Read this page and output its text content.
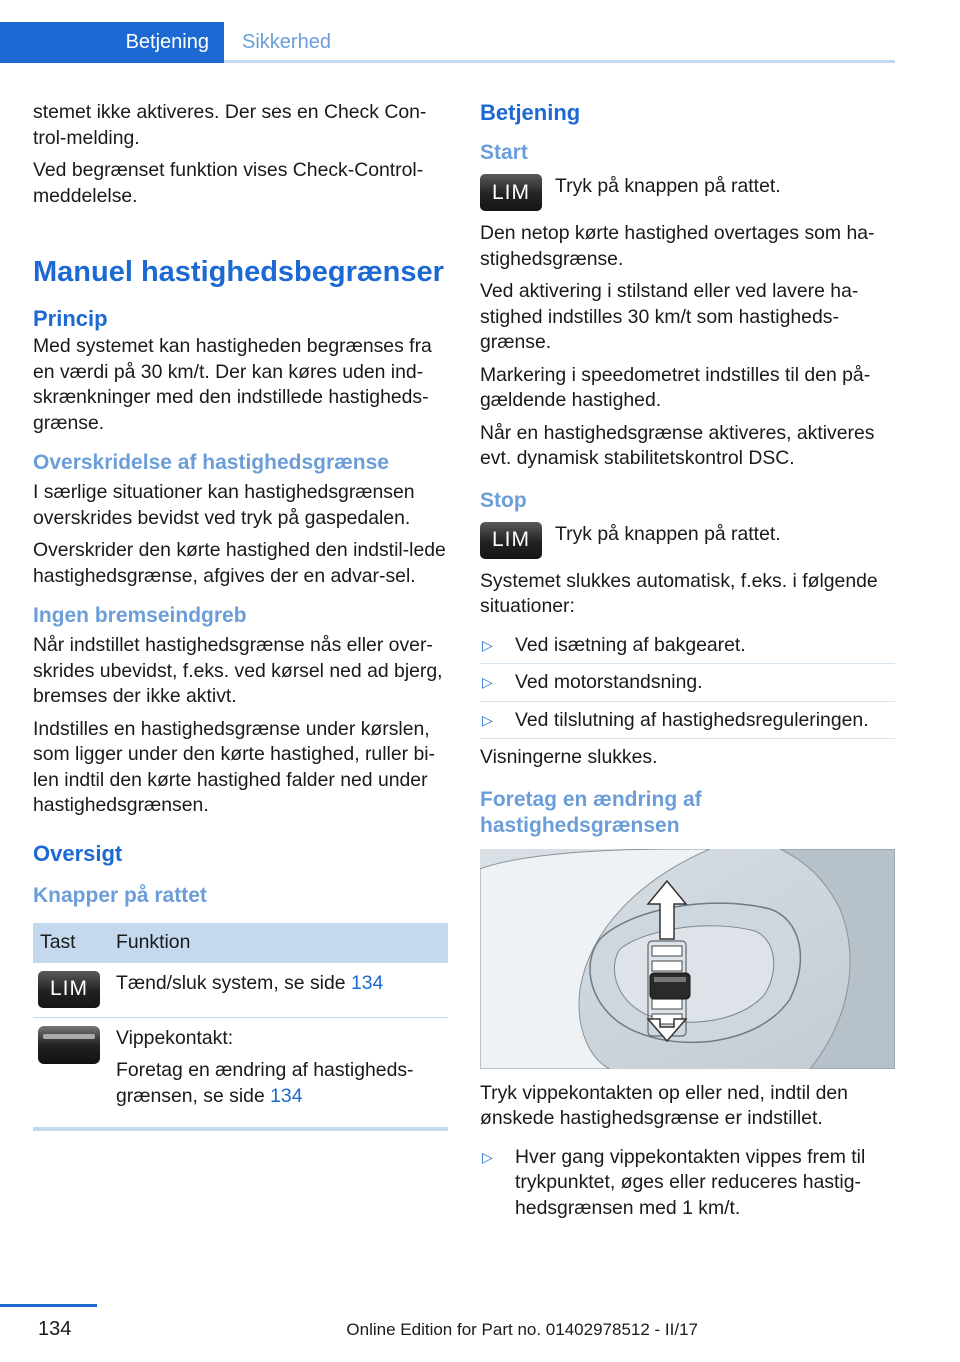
Betjening	Sikkerhed

stemet ikke aktiveres. Der ses en Check Con-trol-melding.

Ved begrænset funktion vises Check-Control-meddelelse.

Manuel hastighedsbegrænser
Princip

Med systemet kan hastigheden begrænses fra en værdi på 30 km/t. Der kan køres uden ind-skrænkninger med den indstillede hastigheds-grænse.

Overskridelse af hastighedsgrænse

I særlige situationer kan hastighedsgrænsen overskrides bevidst ved tryk på gaspedalen.

Overskrider den kørte hastighed den indstil-lede hastighedsgrænse, afgives der en advar-sel.

Ingen bremseindgreb

Når indstillet hastighedsgrænse nås eller over-skrides ubevidst, f.eks. ved kørsel ned ad bjerg, bremses der ikke aktivt.

Indstilles en hastighedsgrænse under kørslen, som ligger under den kørte hastighed, ruller bi-len indtil den kørte hastighed falder ned under hastighedsgrænsen.

Oversigt
Knapper på rattet
Tast	Funktion

LIM	Tænd/sluk system, se side 134

	Vippekontakt:

Foretag en ændring af hastigheds-grænsen, se side 134
Betjening
Start
LIM	Tryk på knappen på rattet.

Den netop kørte hastighed overtages som ha-stighedsgrænse.

Ved aktivering i stilstand eller ved lavere ha-stighed indstilles 30 km/t som hastigheds-grænse.

Markering i speedometret indstilles til den på-gældende hastighed.

Når en hastighedsgrænse aktiveres, aktiveres evt. dynamisk stabilitetskontrol DSC.

Stop
LIM	Tryk på knappen på rattet.

Systemet slukkes automatisk, f.eks. i følgende situationer:

▷	Ved isætning af bakgearet.
▷	Ved motorstandsning.
▷	Ved tilslutning af hastighedsreguleringen.

Visningerne slukkes.

Foretag en ændring af hastighedsgrænsen

Tryk vippekontakten op eller ned, indtil den ønskede hastighedsgrænse er indstillet.

▷	Hver gang vippekontakten vippes frem til trykpunktet, øges eller reduceres hastig-hedsgrænsen med 1 km/t.
134	Online Edition for Part no. 01402978512 - II/17
